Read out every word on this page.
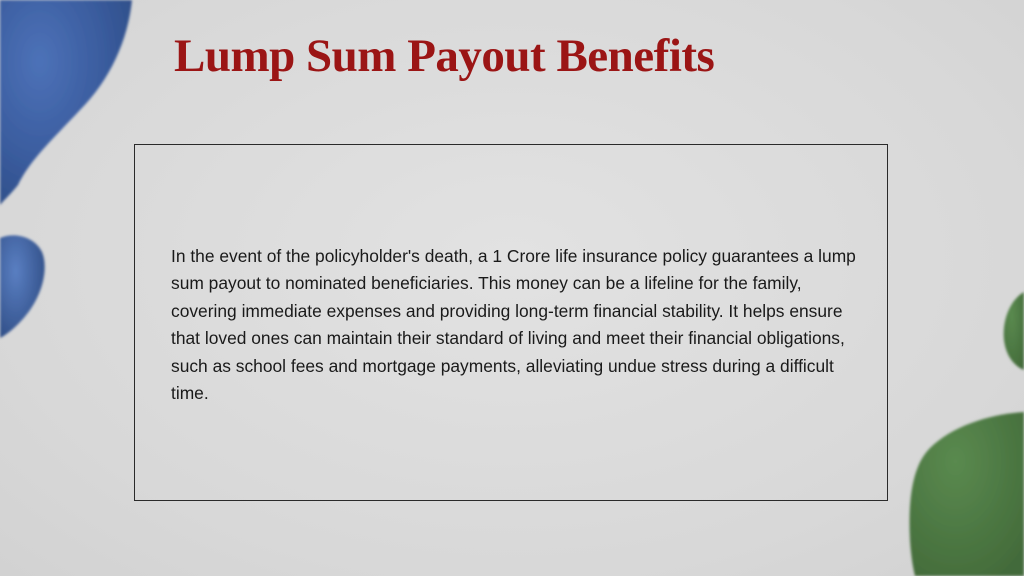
Lump Sum Payout Benefits

In the event of the policyholder's death, a 1 Crore life insurance policy guarantees a lump sum payout to nominated beneficiaries. This money can be a lifeline for the family, covering immediate expenses and providing long-term financial stability. It helps ensure that loved ones can maintain their standard of living and meet their financial obligations, such as school fees and mortgage payments, alleviating undue stress during a difficult time.
